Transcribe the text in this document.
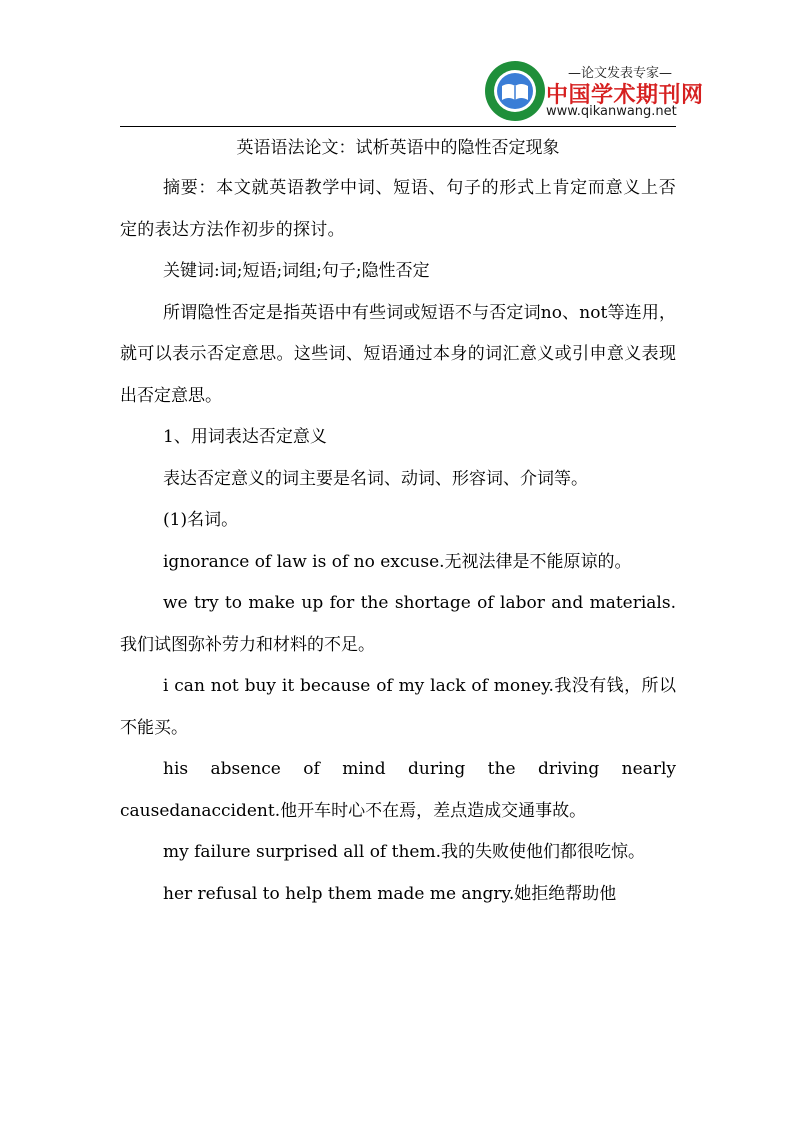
—论文发表专家—
中国学术期刊网
www.qikanwang.net
英语语法论文：试析英语中的隐性否定现象

摘要：本文就英语教学中词、短语、句子的形式上肯定而意义上否定的表达方法作初步的探讨。

关键词:词;短语;词组;句子;隐性否定

所谓隐性否定是指英语中有些词或短语不与否定词no、not等连用，就可以表示否定意思。这些词、短语通过本身的词汇意义或引申意义表现出否定意思。

1、用词表达否定意义

表达否定意义的词主要是名词、动词、形容词、介词等。

(1)名词。

ignorance of law is of no excuse.无视法律是不能原谅的。

we try to make up for the shortage of labor and materials.我们试图弥补劳力和材料的不足。

i can not buy it because of my lack of money.我没有钱，所以不能买。

his absence of mind during the driving nearly causedanaccident.他开车时心不在焉，差点造成交通事故。

my failure surprised all of them.我的失败使他们都很吃惊。

her refusal to help them made me angry.她拒绝帮助他
